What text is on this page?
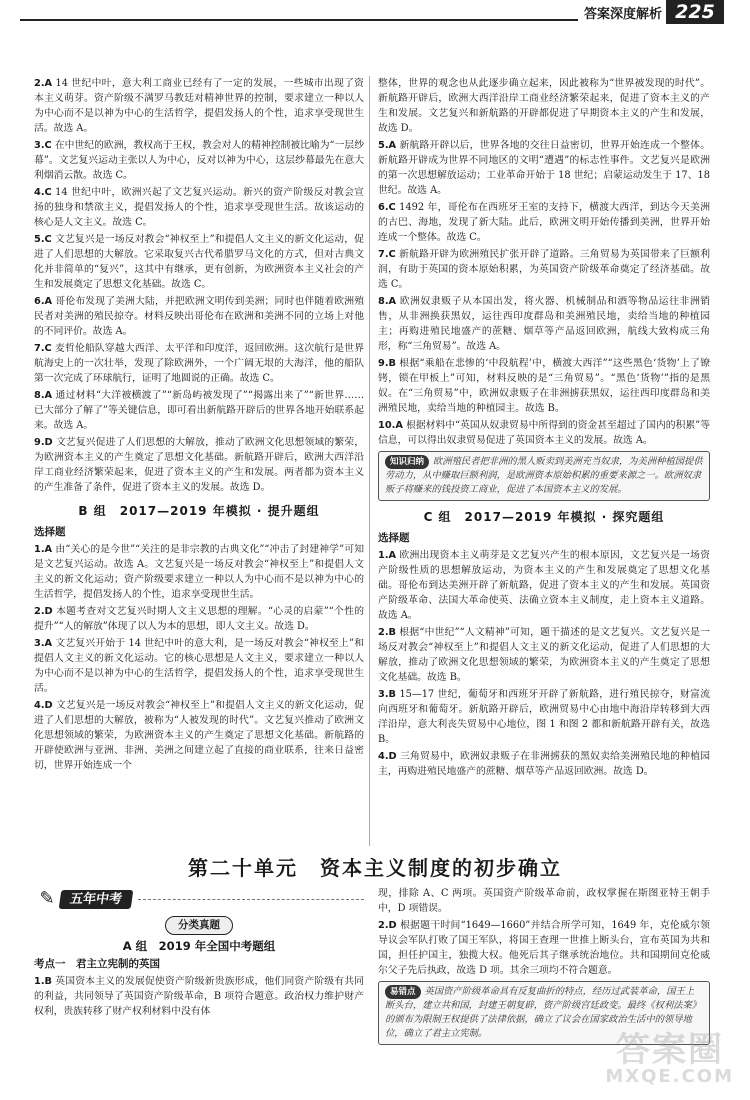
答案深度解析 225
2.A 14 世纪中叶，意大利工商业已经有了一定的发展，一些城市出现了资本主义萌芽。资产阶级不满罗马教廷对精神世界的控制，要求建立一种以人为中心而不是以神为中心的生活哲学，提倡发扬人的个性，追求享受现世生活。故选 A。
3.C 在中世纪的欧洲，教权高于王权，教会对人的精神控制被比喻为“一层纱幕”。文艺复兴运动主张以人为中心，反对以神为中心，这层纱幕最先在意大利烟消云散。故选 C。
4.C 14 世纪中叶，欧洲兴起了文艺复兴运动。新兴的资产阶级反对教会宣扬的独身和禁欲主义，提倡发扬人的个性，追求享受现世生活。故该运动的核心是人文主义。故选 C。
5.C 文艺复兴是一场反对教会“神权至上”和提倡人文主义的新文化运动，促进了人们思想的大解放。它采取复兴古代希腊罗马文化的方式，但对古典文化并非简单的“复兴”，这其中有继承，更有创新，为欧洲资本主义社会的产生和发展奠定了思想文化基础。故选 C。
6.A 哥伦布发现了美洲大陆，并把欧洲文明传到美洲；同时也伴随着欧洲殖民者对美洲的殖民掠夺。材料反映出哥伦布在欧洲和美洲不同的立场上对他的不同评价。故选 A。
7.C 麦哲伦船队穿越大西洋、太平洋和印度洋，返回欧洲。这次航行是世界航海史上的一次壮举，发现了除欧洲外，一个广阔无垠的大海洋，他的船队第一次完成了环球航行，证明了地圆说的正确。故选 C。
8.A 通过材料“大洋被横渡了”“新岛屿被发现了”“揭露出来了”“新世界……已大部分了解了”等关键信息，即可看出新航路开辟后的世界各地开始联系起来。故选 A。
9.D 文艺复兴促进了人们思想的大解放，推动了欧洲文化思想领域的繁荣，为欧洲资本主义的产生奠定了思想文化基础。新航路开辟后，欧洲大西洋沿岸工商业经济繁荣起来，促进了资本主义的产生和发展。两者都为资本主义的产生准备了条件，促进了资本主义的发展。故选 D。
B 组　2017—2019 年模拟 · 提升题组
选择题
1.A 由“关心的是今世”“关注的是非宗教的古典文化”“冲击了封建神学”可知是文艺复兴运动。故选 A。文艺复兴是一场反对教会“神权至上”和提倡人文主义的新文化运动；资产阶级要求建立一种以人为中心而不是以神为中心的生活哲学，提倡发扬人的个性，追求享受现世生活。
2.D 本题考查对文艺复兴时期人文主义思想的理解。“心灵的启蒙”“个性的提升”“人的解放”体现了以人为本的思想，即人文主义。故选 D。
3.A 文艺复兴开始于 14 世纪中叶的意大利，是一场反对教会“神权至上”和提倡人文主义的新文化运动。它的核心思想是人文主义，要求建立一种以人为中心而不是以神为中心的生活哲学，提倡发扬人的个性，追求享受现世生活。
4.D 文艺复兴是一场反对教会“神权至上”和提倡人文主义的新文化运动，促进了人们思想的大解放，被称为“人被发现的时代”。文艺复兴推动了欧洲文化思想领域的繁荣，为欧洲资本主义的产生奠定了思想文化基础。新航路的开辟使欧洲与亚洲、非洲、美洲之间建立起了直接的商业联系，往来日益密切，世界开始连成一个
整体，世界的观念也从此逐步确立起来，因此被称为“世界被发现的时代”。新航路开辟后，欧洲大西洋沿岸工商业经济繁荣起来，促进了资本主义的产生和发展。文艺复兴和新航路的开辟都促进了早期资本主义的产生和发展，故选 D。
5.A 新航路开辟以后，世界各地的交往日益密切，世界开始连成一个整体。新航路开辟成为世界不同地区的文明“遭遇”的标志性事件。文艺复兴是欧洲的第一次思想解放运动；工业革命开始于 18 世纪；启蒙运动发生于 17、18 世纪。故选 A。
6.C 1492 年，哥伦布在西班牙王室的支持下，横渡大西洋，到达今天美洲的古巴、海地，发现了新大陆。此后，欧洲文明开始传播到美洲，世界开始连成一个整体。故选 C。
7.C 新航路开辟为欧洲殖民扩张开辟了道路。三角贸易为英国带来了巨额利润，有助于英国的资本原始积累，为英国资产阶级革命奠定了经济基础。故选 C。
8.A 欧洲奴隶贩子从本国出发，将火器、机械制品和酒等物品运往非洲销售，从非洲换获黑奴，运往西印度群岛和美洲殖民地，卖给当地的种植园主；再购进殖民地盛产的蔗糖、烟草等产品返回欧洲，航线大致构成三角形，称“三角贸易”。故选 A。
9.B 根据“乘船在悲惨的‘中段航程’中，横渡大西洋”“这些黑色‘货物’上了镣铐，锁在甲板上”可知，材料反映的是“三角贸易”。“黑色‘货物’”指的是黑奴。在“三角贸易”中，欧洲奴隶贩子在非洲掳获黑奴，运往西印度群岛和美洲殖民地，卖给当地的种植园主。故选 B。
10.A 根据材料中“英国从奴隶贸易中所得到的资金甚至超过了国内的积累”等信息，可以得出奴隶贸易促进了英国资本主义的发展。故选 A。
知识归纳 欧洲殖民者把非洲的黑人贩卖到美洲充当奴隶，为美洲种植园提供劳动力，从中赚取巨额利润，是欧洲资本原始积累的重要来源之一。欧洲奴隶贩子将赚来的钱投资工商业，促进了本国资本主义的发展。
C 组　2017—2019 年模拟 · 探究题组
选择题
1.A 欧洲出现资本主义萌芽是文艺复兴产生的根本原因，文艺复兴是一场资产阶级性质的思想解放运动，为资本主义的产生和发展奠定了思想文化基础。哥伦布到达美洲开辟了新航路，促进了资本主义的产生和发展。英国资产阶级革命、法国大革命使英、法确立资本主义制度，走上资本主义道路。故选 A。
2.B 根据“中世纪”“人文精神”可知，题干描述的是文艺复兴。文艺复兴是一场反对教会“神权至上”和提倡人文主义的新文化运动，促进了人们思想的大解放，推动了欧洲文化思想领域的繁荣，为欧洲资本主义的产生奠定了思想文化基础。故选 B。
3.B 15—17 世纪，葡萄牙和西班牙开辟了新航路，进行殖民掠夺，财富流向西班牙和葡萄牙。新航路开辟后，欧洲贸易中心由地中海沿岸转移到大西洋沿岸，意大利丧失贸易中心地位，图 1 和图 2 都和新航路开辟有关，故选 B。
4.D 三角贸易中，欧洲奴隶贩子在非洲掳获的黑奴卖给美洲殖民地的种植园主，再购进殖民地盛产的蔗糖、烟草等产品返回欧洲。故选 D。
第二十单元　资本主义制度的初步确立
✎	五年中考
分类真题
A 组　2019 年全国中考题组
考点一　君主立宪制的英国
1.B 英国资本主义的发展促使资产阶级新贵族形成，他们同资产阶级有共同的利益，共同领导了英国资产阶级革命，B 项符合题意。政治权力维护财产权利，贵族转移了财产权利材料中没有体
现，排除 A、C 两项。英国资产阶级革命前，政权掌握在斯图亚特王朝手中，D 项错误。
2.D 根据题干时间“1649—1660”并结合所学可知，1649 年，克伦威尔领导议会军队打败了国王军队，将国王查理一世推上断头台，宣布英国为共和国，担任护国主，独揽大权。他死后其子继承统治地位。共和国期间克伦威尔父子先后执政，故选 D 项。其余三项均不符合题意。
易错点 英国资产阶级革命具有反复曲折的特点，经历过武装革命，国王上断头台，建立共和国，封建王朝复辟，资产阶级宫廷政变。最终《权利法案》的颁布为限制王权提供了法律依据，确立了议会在国家政治生活中的领导地位，确立了君主立宪制。	答案圈
MXQE.COM
